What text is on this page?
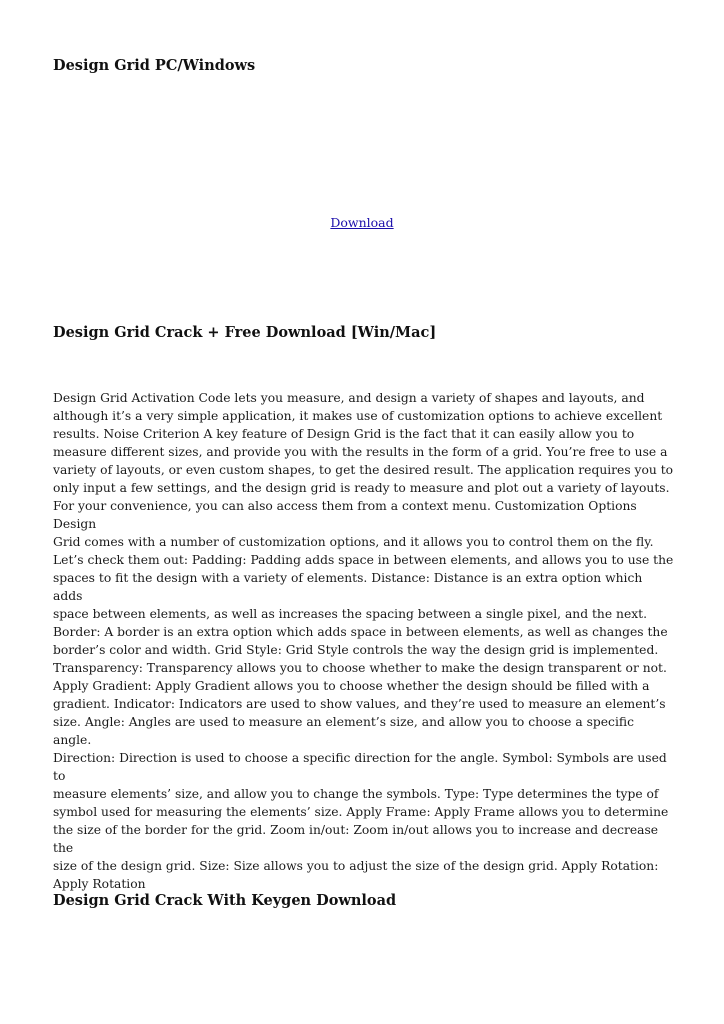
Design Grid PC/Windows
Download
Design Grid Crack + Free Download [Win/Mac]

Design Grid Activation Code lets you measure, and design a variety of shapes and layouts, and
although it’s a very simple application, it makes use of customization options to achieve excellent
results. Noise Criterion A key feature of Design Grid is the fact that it can easily allow you to
measure different sizes, and provide you with the results in the form of a grid. You’re free to use a
variety of layouts, or even custom shapes, to get the desired result. The application requires you to
only input a few settings, and the design grid is ready to measure and plot out a variety of layouts.
For your convenience, you can also access them from a context menu. Customization Options Design
Grid comes with a number of customization options, and it allows you to control them on the fly.
Let’s check them out: Padding: Padding adds space in between elements, and allows you to use the
spaces to fit the design with a variety of elements. Distance: Distance is an extra option which adds
space between elements, as well as increases the spacing between a single pixel, and the next.
Border: A border is an extra option which adds space in between elements, as well as changes the
border’s color and width. Grid Style: Grid Style controls the way the design grid is implemented.
Transparency: Transparency allows you to choose whether to make the design transparent or not.
Apply Gradient: Apply Gradient allows you to choose whether the design should be filled with a
gradient. Indicator: Indicators are used to show values, and they’re used to measure an element’s
size. Angle: Angles are used to measure an element’s size, and allow you to choose a specific angle.
Direction: Direction is used to choose a specific direction for the angle. Symbol: Symbols are used to
measure elements’ size, and allow you to change the symbols. Type: Type determines the type of
symbol used for measuring the elements’ size. Apply Frame: Apply Frame allows you to determine
the size of the border for the grid. Zoom in/out: Zoom in/out allows you to increase and decrease the
size of the design grid. Size: Size allows you to adjust the size of the design grid. Apply Rotation:
Apply Rotation

Design Grid Crack With Keygen Download
